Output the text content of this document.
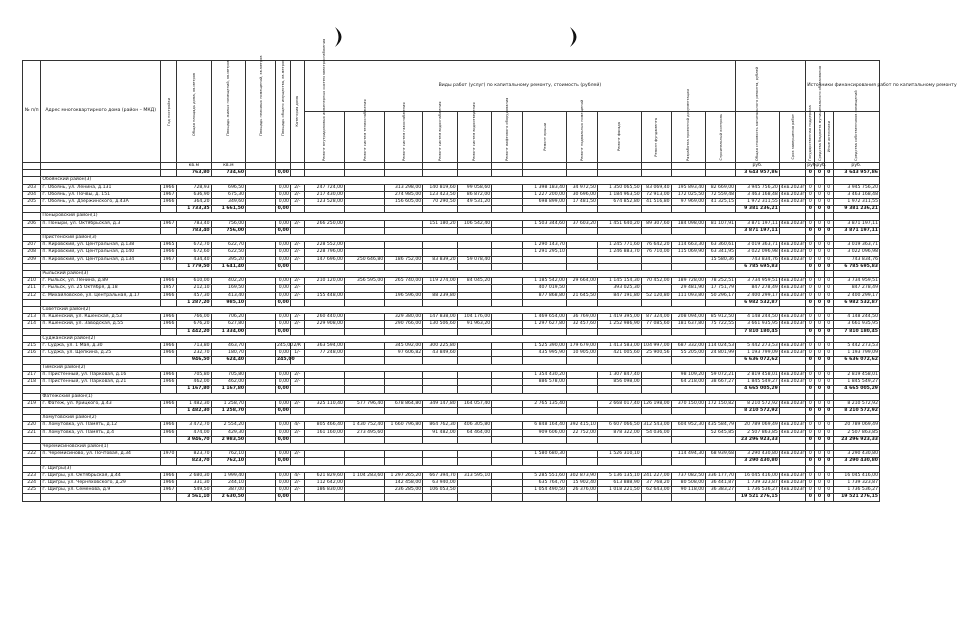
№ п/п	Адрес многоквартирного дома (район – МКД)	Год постройки	Общая площадь дома, кв.метров	Площадь жилых помещений, кв.метров	Площадь нежилых помещений, кв.метров	Площадь общего имущества, кв.метров	Категория дома	Виды работ (услуг) по капитальному ремонту, стоимость (рублей)														Источники финансирования работ по капитальному ремонту			

								Ремонт внутридомовых инженерных систем электроснабжения	Ремонт систем теплоснабжения	Ремонт систем газоснабжения	Ремонт систем водоснабжения	Ремонт систем водоотведения	Ремонт лифтового оборудования	Ремонт крыши	Ремонт подвальных помещений	Ремонт фасада	Ремонт фундамента	Разработка проектной документации	Строительный контроль	Общая стоимость капитального ремонта, рублей	Срок завершения работ	Государственная поддержка	Средства бюджета муниципального образования	Иные источники	Средства собственников помещений

			кв.м	кв.м																руб.		руб.	руб.		руб.
			763,80	734,60		0,00														3 643 957,86		0	0	0	3 643 957,86
	Обоянский район(3)																								
203	г. Обоянь, ул. Ленина, д.131	1966	728,93	696,50		0,00	2/-	247 724,00		313 298,00	140 819,60	99 058,60		1 398 183,40	34 972,50	1 350 065,50	83 069,40	195 893,40	82 669,00	3 945 756,20	4кв.2023г	0	0	0	3 945 756,20
204	г. Обоянь, ул. Почвы, д. 151	1967	636,90	675,30		0,00	2/-	217 430,00		274 985,00	123 423,50	86 872,00		1 227 200,00	30 696,00	1 184 963,50	72 913,00	172 025,50	72 559,48	3 463 168,48	4кв.2023г	0	0	0	3 463 168,48
205	г. Обоянь, ул. Дзержинского, д.43А	1966	364,20	349,60		0,00	2/-	123 528,00		156 605,00	70 290,50	49 531,20		698 899,00	17 481,50	674 852,80	41 516,80	97 969,00	41 325,15	1 972 311,55	4кв.2023г	0	0	0	1 972 311,55
			1 733,35	1 661,50		0,00														9 381 236,21		0	0	0	9 381 236,21
	Поныровский район(1)																								
206	п. Поныри, ул. Октябрьская, д.3	1967	783,40	756,00		0,00	2/-	266 250,00			151 180,20	106 542,40		1 503 344,60	37 603,20	1 451 640,20	89 307,60	184 098,00	81 107,91	3 871 197,11	4кв.2023г	0	0	0	3 871 197,11
			783,40	756,00		0,00														3 871 197,11		0	0	0	3 871 197,11
	Пристенский район(3)																								
207	п. Кировский, ул. Центральная, д.138	1965	672,70	622,70		0,00	2/-	228 552,00						1 290 143,70		1 245 771,60	76 642,20	114 663,30	63 360,61	3 019 363,71	4кв.2023г	0	0	0	3 019 363,71
208	п. Кировский, ул. Центральная, д.140	1966	672,60	622,50		0,00	2/-	228 796,00						1 291 295,10		1 246 883,70	76 710,00	115 069,90	63 341,95	3 022 096,98	4кв.2023г	0	0	0	3 022 096,98
209	п. Кировский, ул. Центральная, д.134	1967	434,40	395,20		0,00	2/-	147 696,00	250 646,80	186 752,00	83 839,20	59 078,40							15 580,36	743 834,76	4кв.2023г	0	0	0	743 834,76
			1 779,50	1 641,40		0,00														6 785 695,83		0	0	0	6 785 695,83
	Рыльский район(3)																								
210	г. Рыльск, ул. Ленина, д.89	1966	610,00	402,20		0,00	2/-	210 120,00	356 595,00	265 740,00	119 274,00	84 045,20		1 185 542,00	29 664,00	1 145 154,30	70 452,00	189 728,00	78 252,51	3 734 959,51	4кв.2023г	0	0	0	3 734 959,51
211	г. Рыльск, ул. 25 Октября, д.18	1957	212,10	169,50		0,00	2/-							407 019,50		393 025,30		29 481,90	17 751,79	847 278,49	4кв.2023г	0	0	0	847 278,49
212	с. Михайловское, ул. Центральная, д.17	1966	457,30	413,40		0,00	2/-	155 448,00		196 596,00	88 239,80			877 868,80	21 645,50	847 191,80	52 120,80	111 093,80	50 296,17	2 400 299,17	4кв.2023г	0	0	0	2 400 299,17
			1 287,20	985,10		0,00														6 982 532,87		0	0	0	6 982 532,87
	Советский район(2)																								
213	п. Кшенский, ул. Кшенская, д.53	1966	766,00	706,20		0,00	2/-	260 440,00		329 380,00	147 838,00	104 176,00		1 469 654,00	36 769,00	1 419 395,00	87 324,00	208 094,00	85 912,50	4 148 244,50	4кв.2023г	0	0	0	4 148 244,50
214	п. Кшенский, ул. Заводская, д.55	1966	676,20	627,80		0,00	2/-	229 908,00		290 766,00	130 506,60	91 963,20		1 297 627,80	32 457,60	1 252 986,90	77 085,60	181 637,80	75 722,55	3 661 935,95	4кв.2023г	0	0	0	3 661 935,95
			1 442,20	1 334,00		0,00														7 810 180,45		0	0	0	7 810 180,45
	Суджанский район(2)																								
215	г. Суджа, ул. 1 Мая, д.30	1966	713,80	463,70		245,00	2/К	363 594,00		345 092,00	300 225,80			1 525 390,00	179 679,00	1 413 583,00	104 997,00	687 332,00	114 024,53	5 442 273,53	4кв.2023г	0	0	0	5 442 273,53
216	г. Суджа, ул. Щепкина, д.25	1966	232,70	180,70		0,00	1/-	77 248,00		97 606,82	43 849,60			435 995,90	10 905,00	421 005,60	25 900,56	55 205,00	24 801,99	1 193 799,09	4кв.2023г	0	0	0	1 193 799,09
			946,50	624,40		245,00														6 636 072,62		0	0	0	6 636 072,62
	Тимский район(2)																								
217	п. Пристенный, ул. Парковая, д.16	1966	705,80	705,80		0,00	2/-							1 354 430,20		1 307 847,40		98 109,20	59 072,21	2 819 458,01	4кв.2023г	0	0	0	2 819 458,01
218	п. Пристенный, ул. Парковая, д.21	1966	462,00	462,00		0,00	2/-							886 578,00		856 098,00		64 218,00	38 667,27	1 845 549,27	4кв.2023г	0	0	0	1 845 549,27
			1 167,80	1 167,80		0,00														4 665 005,29		0	0	0	4 665 005,29
	Фатежский район(1)																								
219	г. Фатеж, ул. Урицкого, д.43	1966	1 482,30	1 258,70		0,00	2/-	325 110,40	577 796,40	678 864,80	349 147,80	164 057,40		2 765 135,40		2 668 017,40	126 198,00	370 150,00	172 150,82	8 210 572,92	4кв.2023г	0	0	0	8 210 572,92
			1 482,30	1 258,70		0,00														8 210 572,92		0	0	0	8 210 572,92
	Хомутовский район(2)																								
220	п. Хомутовка, ул. Память, д.12	1966	3 472,70	2 554,20		0,00	4/-	805 466,40	1 430 752,40	1 660 796,80	864 762,30	406 305,80		6 848 164,40	392 415,10	6 607 066,50	312 543,00	604 952,30	435 584,79	20 789 069,49	4кв.2023г	0	0	0	20 789 069,49
221	п. Хомутовка, ул. Память, д.4	1966	474,00	429,30		0,00	2/-	161 160,00	273 495,60		91 482,00	64 464,00		909 606,00	22 752,00	878 322,00	54 036,00		52 645,85	2 507 863,85	4кв.2023г	0	0	0	2 507 863,85
			3 946,70	2 983,50		0,00														23 296 923,33		0	0	0	23 296 923,33
	Черемисиновский район(1)																								
222	п. Черемисиново, ул. Почтовая, д.34	1970	823,70	762,10		0,00	2/-							1 580 680,30		1 526 310,10		114 494,30	68 939,68	3 290 430,80	4кв.2023г	0	0	0	3 290 430,80
			823,70	762,10		0,00														3 290 430,80		0	0	0	3 290 430,80
	г. Щигры(3)																								
223	г. Щигры, ул. Октябрьская, д.44	1966	2 680,30	1 999,40		0,00	4/-	621 829,60	1 104 283,60	1 297 265,20	667 394,70	313 595,10		5 285 551,60	302 873,90	5 136 135,10	241 227,00	737 082,50	336 177,70	16 045 416,00	4кв.2023г	0	0	0	16 045 416,00
224	г. Щигры, ул. Черняховского, д.29	1966	331,30	244,10		0,00	2/-	112 642,00		142 458,00	63 940,00			635 764,70	15 902,40	613 888,90	37 768,20	80 508,00	36 441,87	1 739 323,87	4кв.2023г	0	0	0	1 739 323,87
225	г. Щигры, ул. Семенова, д.9	1967	549,50	387,00		0,00	2/-	186 830,00		236 285,00	106 053,50			1 054 490,50	26 376,00	1 018 221,50	62 643,00	90 118,00	36 383,27	1 736 536,27	4кв.2023г	0	0	0	1 736 536,27
			3 561,10	2 630,50		0,00														19 521 276,15		0	0	0	19 521 276,15
